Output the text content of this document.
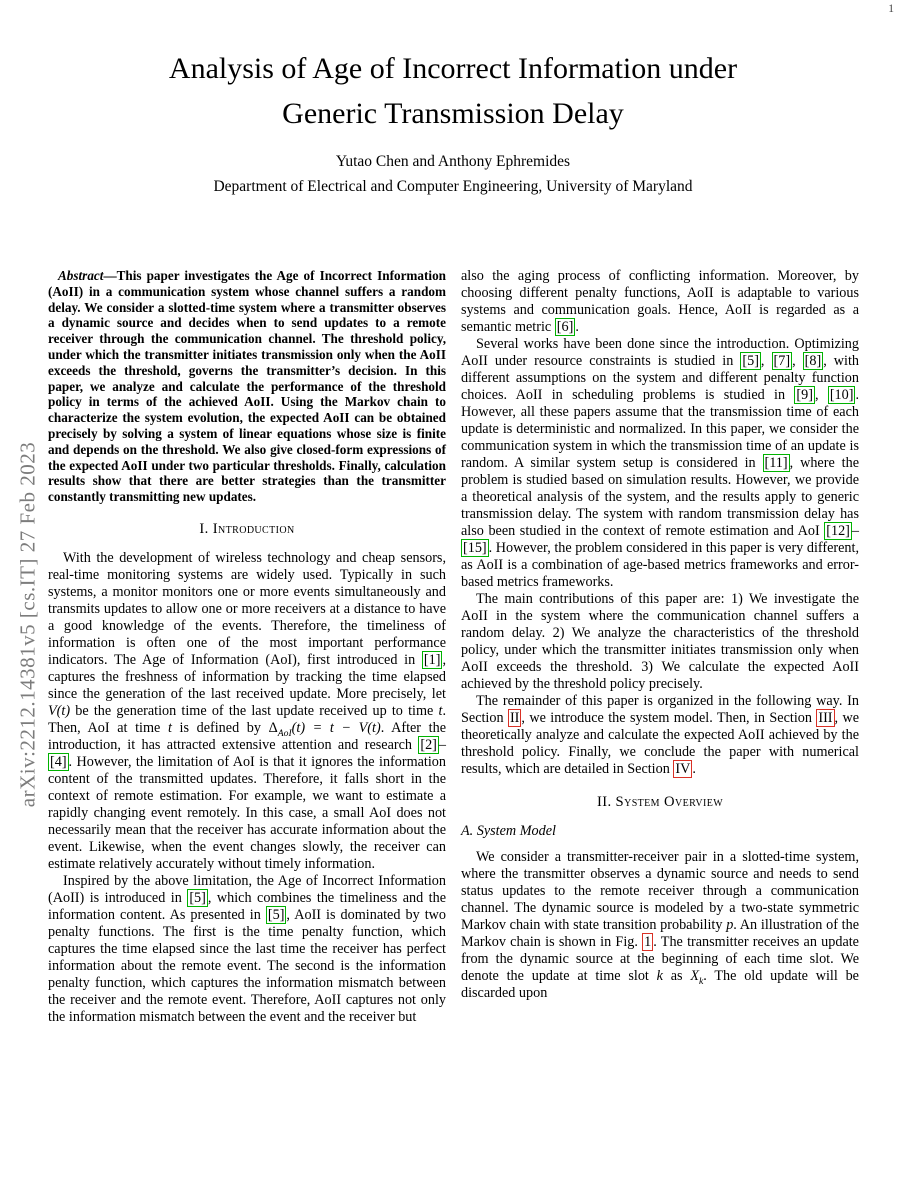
1
arXiv:2212.14381v5 [cs.IT] 27 Feb 2023
Analysis of Age of Incorrect Information under
Generic Transmission Delay
Yutao Chen and Anthony Ephremides
Department of Electrical and Computer Engineering, University of Maryland

Abstract—This paper investigates the Age of Incorrect Information (AoII) in a communication system whose channel suffers a random delay. We consider a slotted-time system where a transmitter observes a dynamic source and decides when to send updates to a remote receiver through the communication channel. The threshold policy, under which the transmitter initiates transmission only when the AoII exceeds the threshold, governs the transmitter’s decision. In this paper, we analyze and calculate the performance of the threshold policy in terms of the achieved AoII. Using the Markov chain to characterize the system evolution, the expected AoII can be obtained precisely by solving a system of linear equations whose size is finite and depends on the threshold. We also give closed-form expressions of the expected AoII under two particular thresholds. Finally, calculation results show that there are better strategies than the transmitter constantly transmitting new updates.

I. Introduction

With the development of wireless technology and cheap sensors, real-time monitoring systems are widely used. Typically in such systems, a monitor monitors one or more events simultaneously and transmits updates to allow one or more receivers at a distance to have a good knowledge of the events. Therefore, the timeliness of information is often one of the most important performance indicators. The Age of Information (AoI), first introduced in [1] , captures the freshness of information by tracking the time elapsed since the generation of the last received update. More precisely, let V(t) be the generation time of the last update received up to time t. Then, AoI at time t is defined by $\Delta_{AoI}(t) = t - V(t)$. After the introduction, it has attracted extensive attention and research [2] –[4] . However, the limitation of AoI is that it ignores the information content of the transmitted updates. Therefore, it falls short in the context of remote estimation. For example, we want to estimate a rapidly changing event remotely. In this case, a small AoI does not necessarily mean that the receiver has accurate information about the event. Likewise, when the event changes slowly, the receiver can estimate relatively accurately without timely information.

Inspired by the above limitation, the Age of Incorrect Information (AoII) is introduced in [5] , which combines the timeliness and the information content. As presented in [5] , AoII is dominated by two penalty functions. The first is the time penalty function, which captures the time elapsed since the last time the receiver has perfect information about the remote event. The second is the information penalty function, which captures the information mismatch between the receiver and the remote event. Therefore, AoII captures not only the information mismatch between the event and the receiver but

also the aging process of conflicting information. Moreover, by choosing different penalty functions, AoII is adaptable to various systems and communication goals. Hence, AoII is regarded as a semantic metric [6] .

Several works have been done since the introduction. Optimizing AoII under resource constraints is studied in [5] , [7] , [8] , with different assumptions on the system and different penalty function choices. AoII in scheduling problems is studied in [9] , [10] . However, all these papers assume that the transmission time of each update is deterministic and normalized. In this paper, we consider the communication system in which the transmission time of an update is random. A similar system setup is considered in [11] , where the problem is studied based on simulation results. However, we provide a theoretical analysis of the system, and the results apply to generic transmission delay. The system with random transmission delay has also been studied in the context of remote estimation and AoI [12] –[15] . However, the problem considered in this paper is very different, as AoII is a combination of age-based metrics frameworks and error-based metrics frameworks.

The main contributions of this paper are: 1) We investigate the AoII in the system where the communication channel suffers a random delay. 2) We analyze the characteristics of the threshold policy, under which the transmitter initiates transmission only when AoII exceeds the threshold. 3) We calculate the expected AoII achieved by the threshold policy precisely.

The remainder of this paper is organized in the following way. In Section II , we introduce the system model. Then, in Section III , we theoretically analyze and calculate the expected AoII achieved by the threshold policy. Finally, we conclude the paper with numerical results, which are detailed in Section IV .

II. System Overview
A. System Model

We consider a transmitter-receiver pair in a slotted-time system, where the transmitter observes a dynamic source and needs to send status updates to the remote receiver through a communication channel. The dynamic source is modeled by a two-state symmetric Markov chain with state transition probability p. An illustration of the Markov chain is shown in Fig. 1 . The transmitter receives an update from the dynamic source at the beginning of each time slot. We denote the update at time slot k as $X_k$. The old update will be discarded upon
